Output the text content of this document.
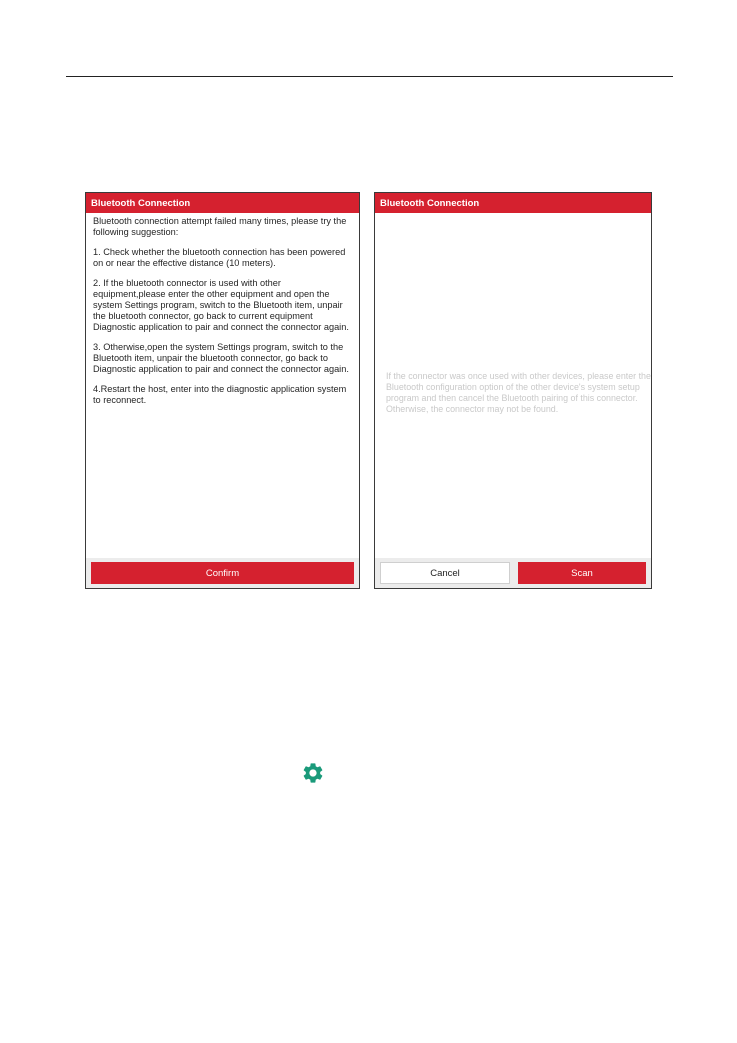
Bluetooth Connection

Bluetooth connection attempt failed many times, please try the following suggestion:

1. Check whether the bluetooth connection has been powered on or near the effective distance (10 meters).

2. If the bluetooth connector is used with other equipment,please enter the other equipment and open the system Settings program, switch to the Bluetooth item, unpair the bluetooth connector, go back to current equipment Diagnostic application to pair and connect the connector again.

3. Otherwise,open the system Settings program, switch to the Bluetooth item, unpair the bluetooth connector, go back to Diagnostic application to pair and connect the connector again.

4.Restart the host, enter into the diagnostic application system to reconnect.

Confirm
Bluetooth Connection
If the connector was once used with other devices, please enter the Bluetooth configuration option of the other device's system setup program and then cancel the Bluetooth pairing of this connector. Otherwise, the connector may not be found.
Cancel	Scan
